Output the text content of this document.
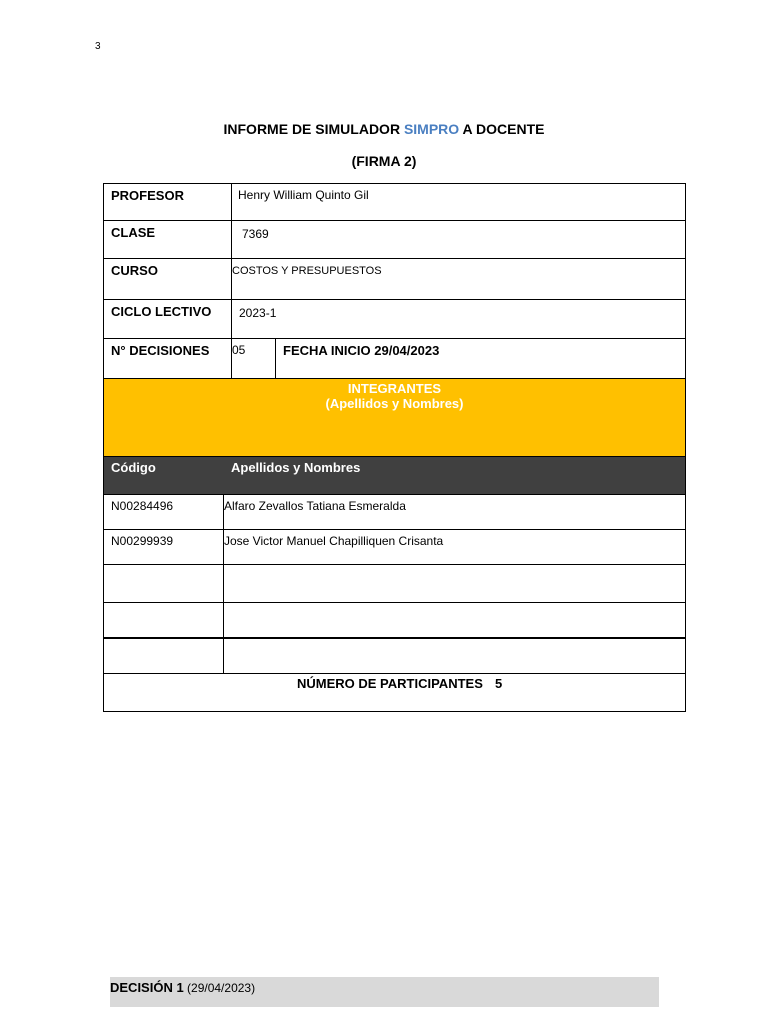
3
INFORME DE SIMULADOR SIMPRO A DOCENTE
(FIRMA 2)
PROFESOR	Henry William Quinto Gil
CLASE	7369
CURSO	COSTOS Y PRESUPUESTOS
CICLO LECTIVO	2023-1
N° DECISIONES	05	FECHA INICIO 29/04/2023
INTEGRANTES
(Apellidos y Nombres)
Código	Apellidos y Nombres
N00284496	Alfaro Zevallos Tatiana Esmeralda
N00299939	Jose Victor Manuel Chapilliquen Crisanta
NÚMERO DE PARTICIPANTES 5
DECISIÓN 1 (29/04/2023)
